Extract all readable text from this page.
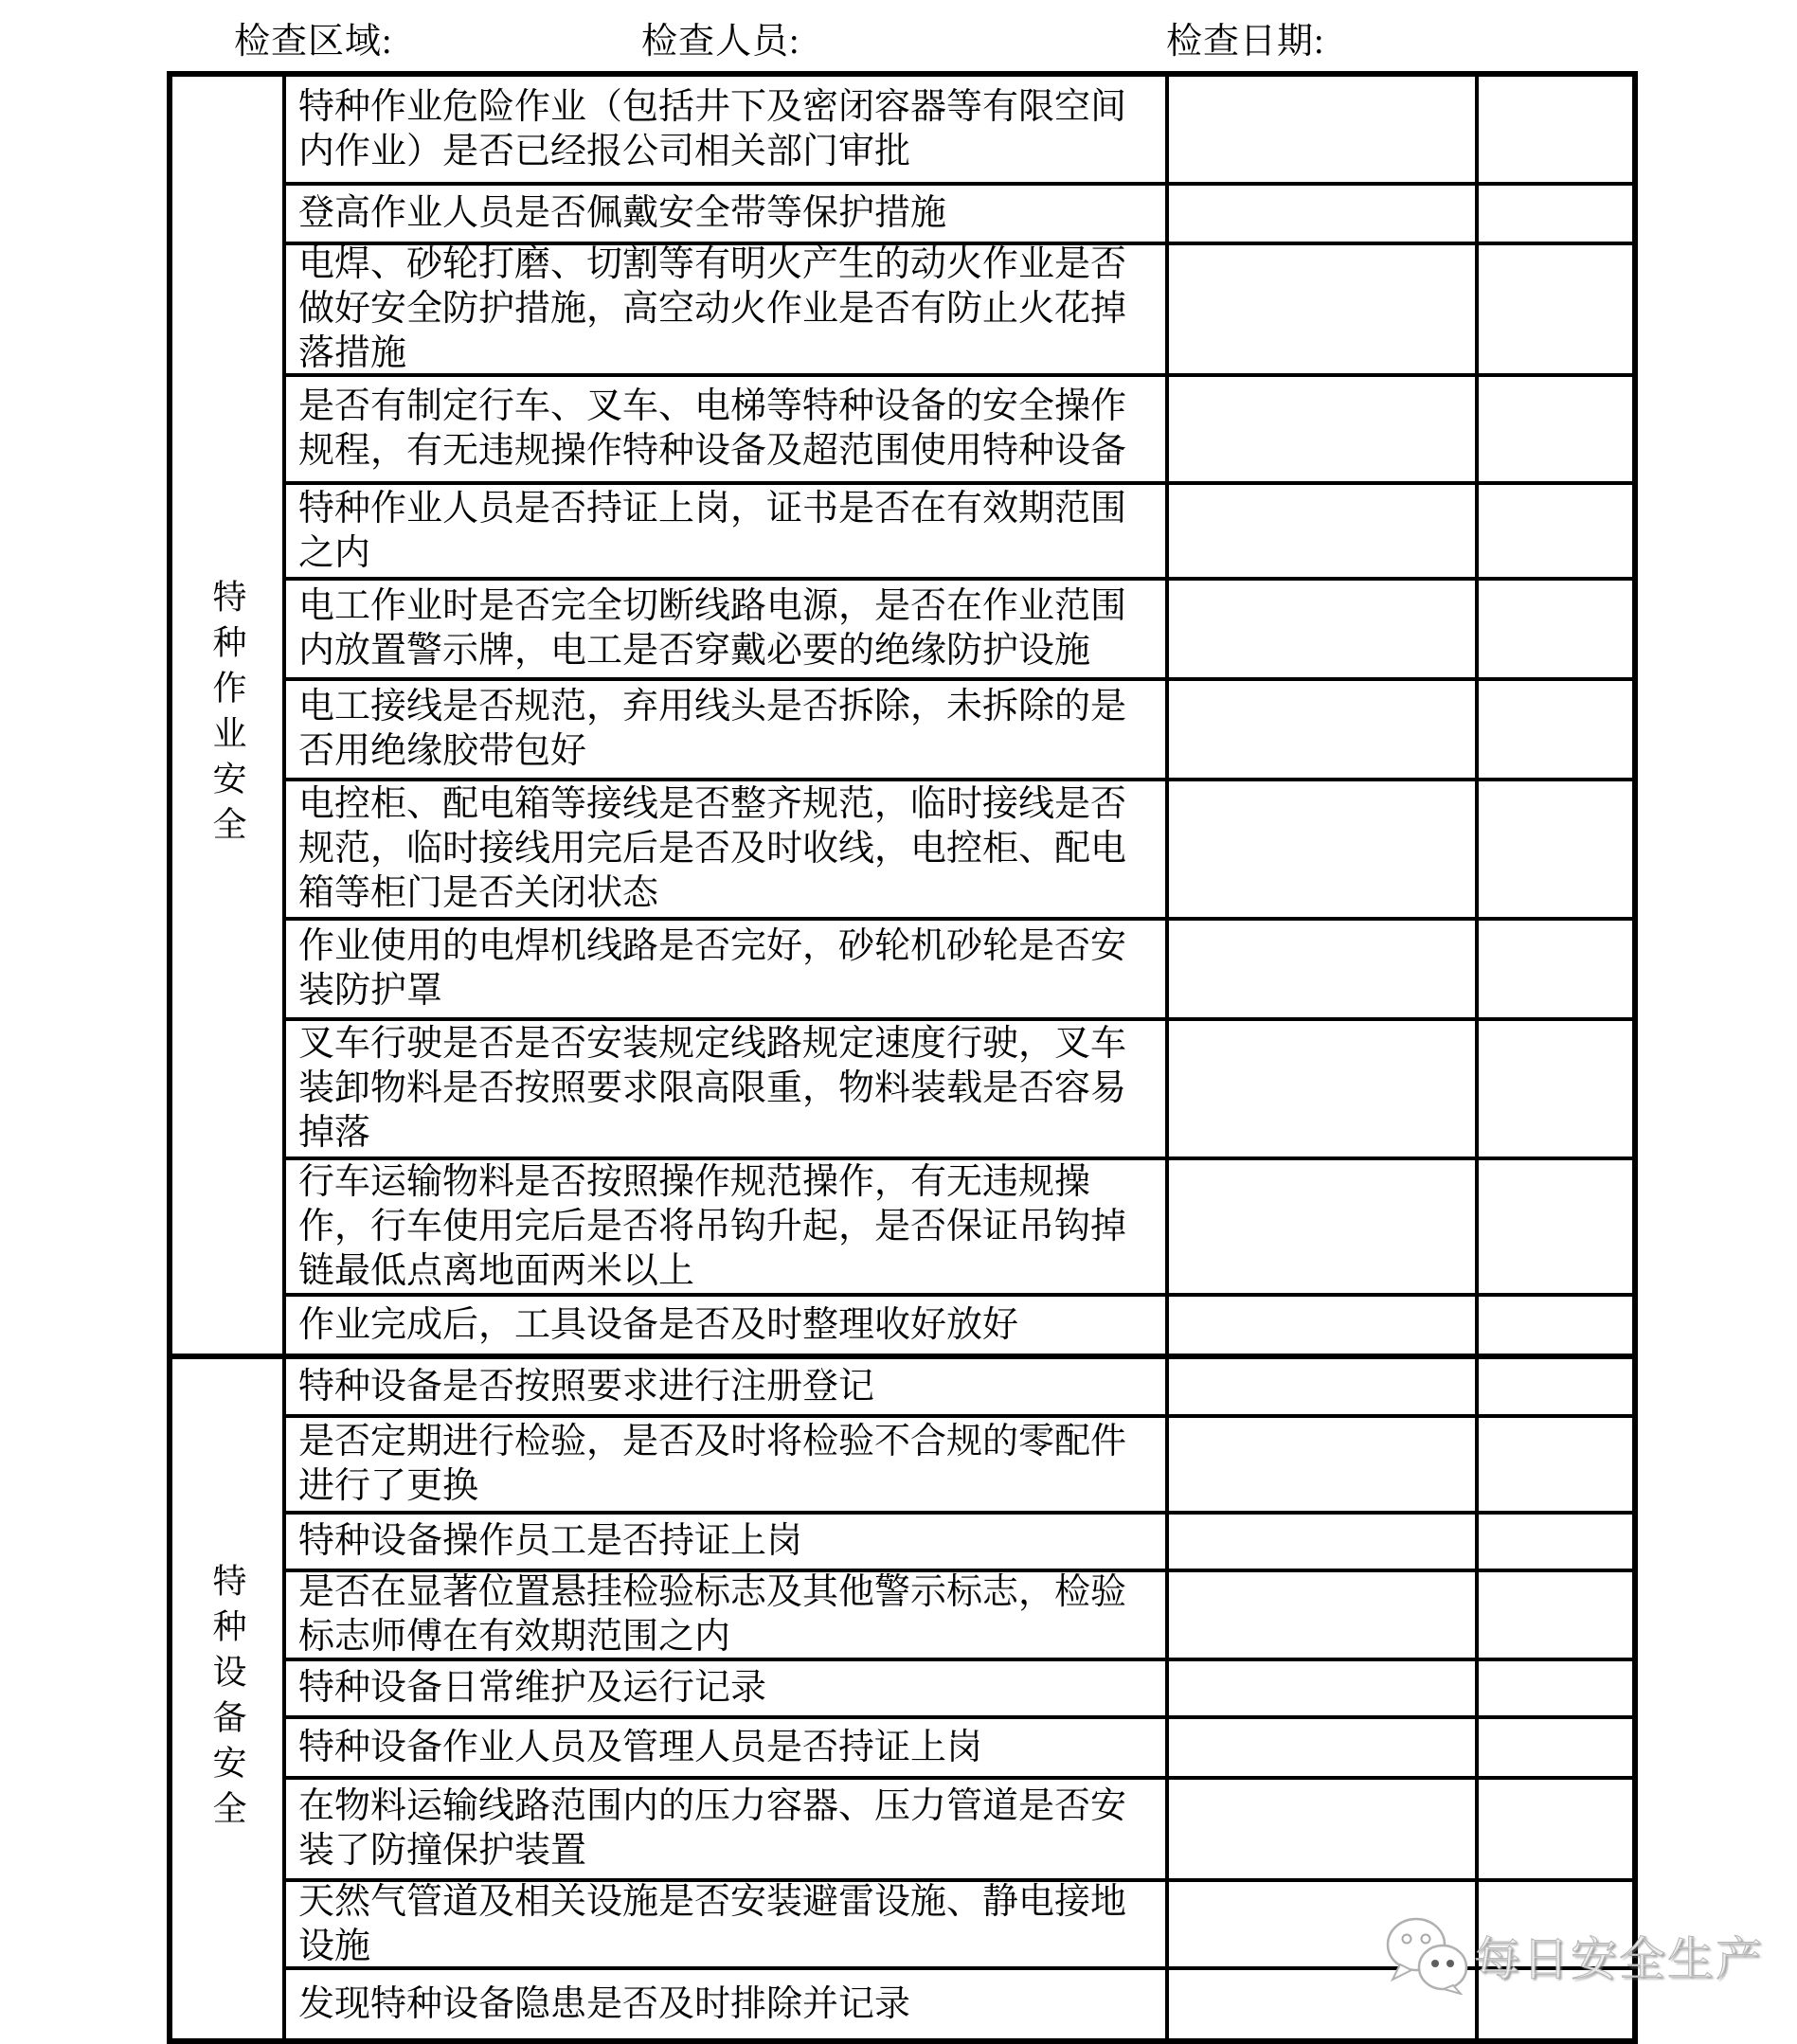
检查区域:	检查人员:	检查日期:
特种作业安全
特种作业危险作业（包括井下及密闭容器等有限空间内作业）是否已经报公司相关部门审批
登高作业人员是否佩戴安全带等保护措施
电焊、砂轮打磨、切割等有明火产生的动火作业是否做好安全防护措施，高空动火作业是否有防止火花掉落措施
是否有制定行车、叉车、电梯等特种设备的安全操作规程，有无违规操作特种设备及超范围使用特种设备
特种作业人员是否持证上岗，证书是否在有效期范围之内
电工作业时是否完全切断线路电源，是否在作业范围内放置警示牌，电工是否穿戴必要的绝缘防护设施
电工接线是否规范，弃用线头是否拆除，未拆除的是否用绝缘胶带包好
电控柜、配电箱等接线是否整齐规范，临时接线是否规范，临时接线用完后是否及时收线，电控柜、配电箱等柜门是否关闭状态
作业使用的电焊机线路是否完好，砂轮机砂轮是否安装防护罩
叉车行驶是否是否安装规定线路规定速度行驶，叉车装卸物料是否按照要求限高限重，物料装载是否容易掉落
行车运输物料是否按照操作规范操作，有无违规操作，行车使用完后是否将吊钩升起，是否保证吊钩掉链最低点离地面两米以上
作业完成后，工具设备是否及时整理收好放好
特种设备安全
特种设备是否按照要求进行注册登记
是否定期进行检验，是否及时将检验不合规的零配件进行了更换
特种设备操作员工是否持证上岗
是否在显著位置悬挂检验标志及其他警示标志，检验标志师傅在有效期范围之内
特种设备日常维护及运行记录
特种设备作业人员及管理人员是否持证上岗
在物料运输线路范围内的压力容器、压力管道是否安装了防撞保护装置
天然气管道及相关设施是否安装避雷设施、静电接地设施
发现特种设备隐患是否及时排除并记录
每日安全生产
